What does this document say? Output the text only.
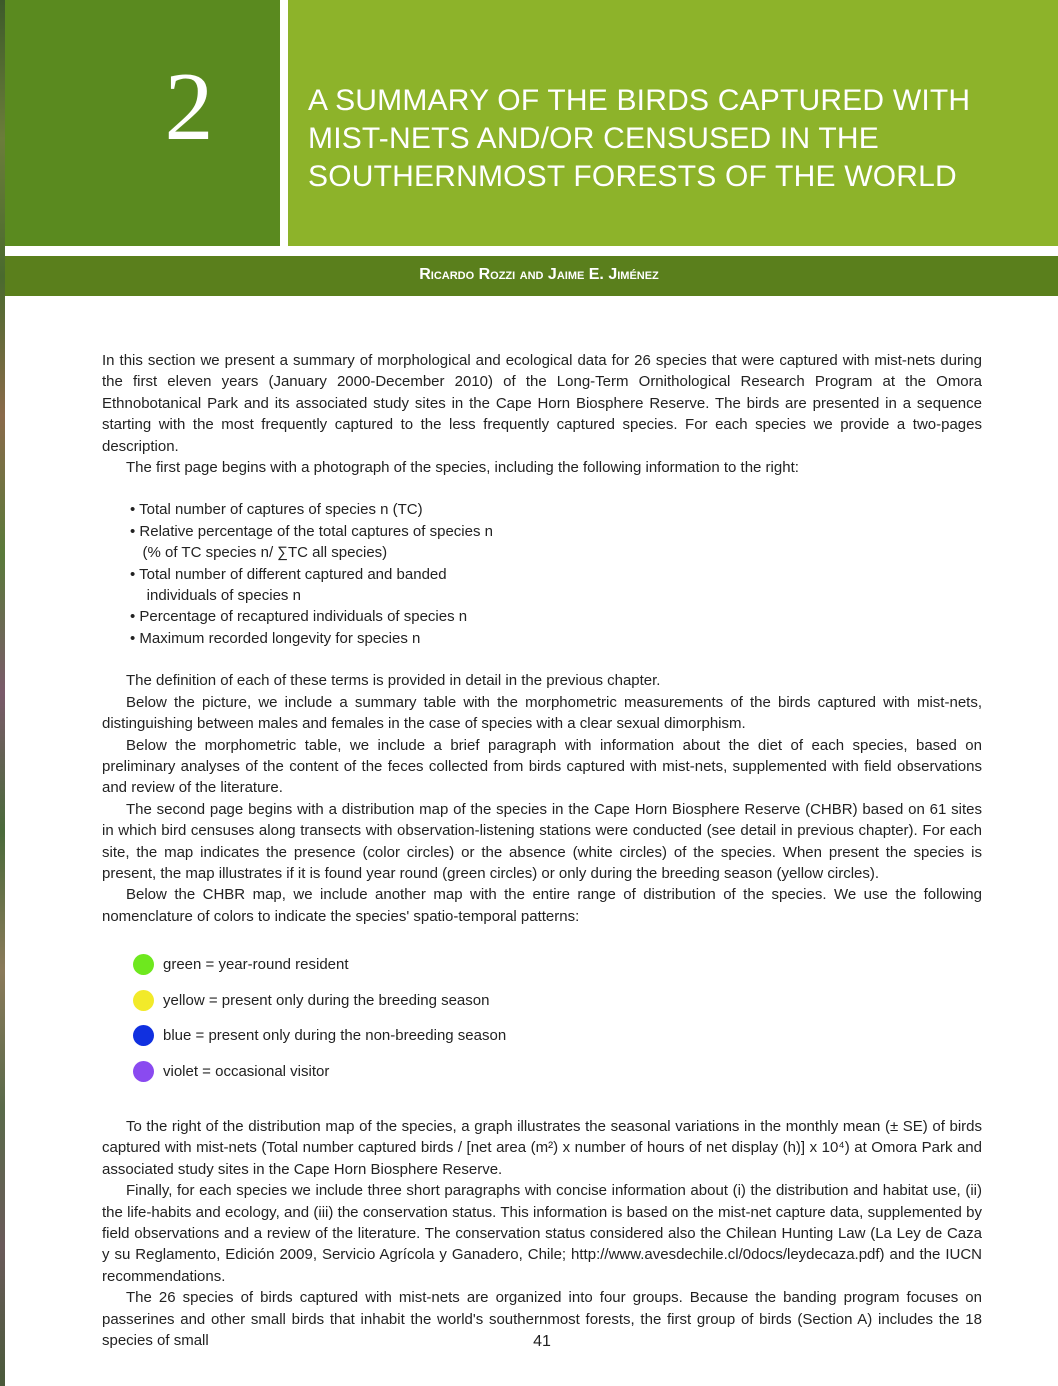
2	A SUMMARY OF THE BIRDS CAPTURED WITH MIST-NETS AND/OR CENSUSED IN THE SOUTHERNMOST FORESTS OF THE WORLD
Ricardo Rozzi and Jaime E. Jiménez

In this section we present a summary of morphological and ecological data for 26 species that were captured with mist-nets during the first eleven years (January 2000-December 2010) of the Long-Term Ornithological Research Program at the Omora Ethnobotanical Park and its associated study sites in the Cape Horn Biosphere Reserve. The birds are presented in a sequence starting with the most frequently captured to the less frequently captured species. For each species we provide a two-pages description.

The first page begins with a photograph of the species, including the following information to the right:

• Total number of captures of species n (TC)
• Relative percentage of the total captures of species n
(% of TC species n/ ∑TC all species)
• Total number of different captured and banded
individuals of species n
• Percentage of recaptured individuals of species n
• Maximum recorded longevity for species n

The definition of each of these terms is provided in detail in the previous chapter.

Below the picture, we include a summary table with the morphometric measurements of the birds captured with mist-nets, distinguishing between males and females in the case of species with a clear sexual dimorphism.

Below the morphometric table, we include a brief paragraph with information about the diet of each species, based on preliminary analyses of the content of the feces collected from birds captured with mist-nets, supplemented with field observations and review of the literature.

The second page begins with a distribution map of the species in the Cape Horn Biosphere Reserve (CHBR) based on 61 sites in which bird censuses along transects with observation-listening stations were conducted (see detail in previous chapter). For each site, the map indicates the presence (color circles) or the absence (white circles) of the species. When present the species is present, the map illustrates if it is found year round (green circles) or only during the breeding season (yellow circles).

Below the CHBR map, we include another map with the entire range of distribution of the species. We use the following nomenclature of colors to indicate the species' spatio-temporal patterns:

green = year-round resident
yellow = present only during the breeding season
blue = present only during the non-breeding season
violet = occasional visitor

To the right of the distribution map of the species, a graph illustrates the seasonal variations in the monthly mean (± SE) of birds captured with mist-nets (Total number captured birds / [net area (m²) x number of hours of net display (h)] x 10⁴) at Omora Park and associated study sites in the Cape Horn Biosphere Reserve.

Finally, for each species we include three short paragraphs with concise information about (i) the distribution and habitat use, (ii) the life-habits and ecology, and (iii) the conservation status. This information is based on the mist-net capture data, supplemented by field observations and a review of the literature. The conservation status considered also the Chilean Hunting Law (La Ley de Caza y su Reglamento, Edición 2009, Servicio Agrícola y Ganadero, Chile; http://www.avesdechile.cl/0docs/leydecaza.pdf) and the IUCN recommendations.

The 26 species of birds captured with mist-nets are organized into four groups. Because the banding program focuses on passerines and other small birds that inhabit the world's southernmost forests, the first group of birds (Section A) includes the 18 species of small	41
